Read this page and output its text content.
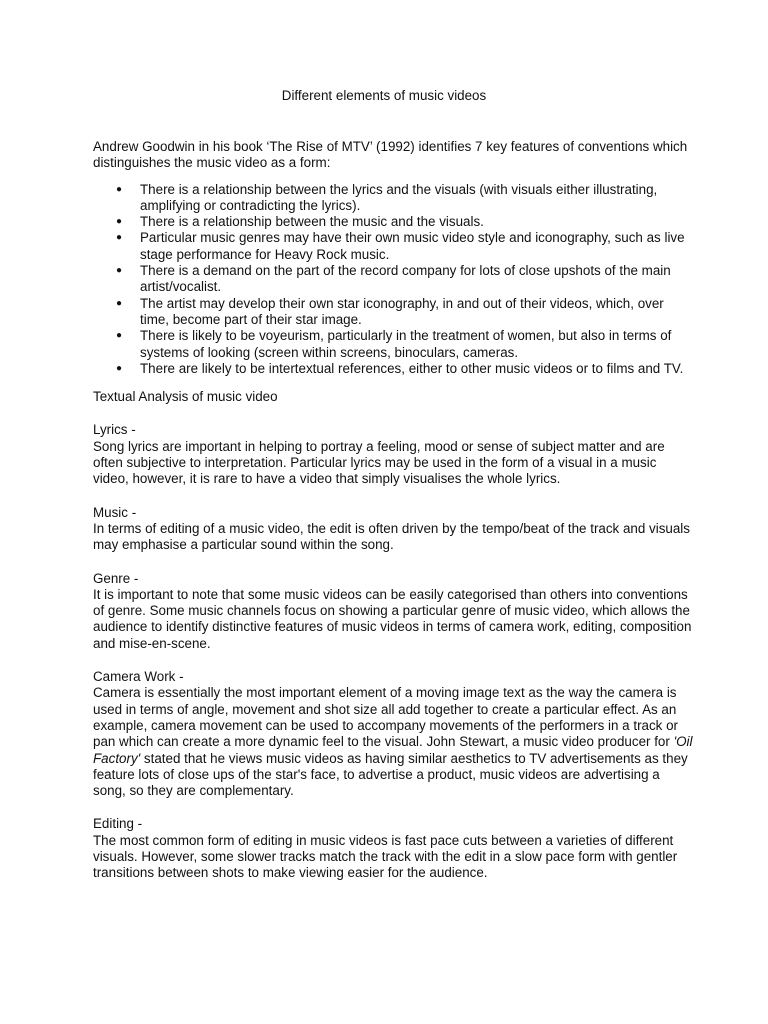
Different elements of music videos

Andrew Goodwin in his book ‘The Rise of MTV’ (1992) identifies 7 key features of conventions which distinguishes the music video as a form:

● There is a relationship between the lyrics and the visuals (with visuals either illustrating, amplifying or contradicting the lyrics).
● There is a relationship between the music and the visuals.
● Particular music genres may have their own music video style and iconography, such as live stage performance for Heavy Rock music.
● There is a demand on the part of the record company for lots of close upshots of the main artist/vocalist.
● The artist may develop their own star iconography, in and out of their videos, which, over time, become part of their star image.
● There is likely to be voyeurism, particularly in the treatment of women, but also in terms of systems of looking (screen within screens, binoculars, cameras.
● There are likely to be intertextual references, either to other music videos or to films and TV.

Textual Analysis of music video

Lyrics -

Song lyrics are important in helping to portray a feeling, mood or sense of subject matter and are often subjective to interpretation. Particular lyrics may be used in the form of a visual in a music video, however, it is rare to have a video that simply visualises the whole lyrics.

Music -

In terms of editing of a music video, the edit is often driven by the tempo/beat of the track and visuals may emphasise a particular sound within the song.

Genre -

It is important to note that some music videos can be easily categorised than others into conventions of genre. Some music channels focus on showing a particular genre of music video, which allows the audience to identify distinctive features of music videos in terms of camera work, editing, composition and mise-en-scene.

Camera Work -

Camera is essentially the most important element of a moving image text as the way the camera is used in terms of angle, movement and shot size all add together to create a particular effect. As an example, camera movement can be used to accompany movements of the performers in a track or pan which can create a more dynamic feel to the visual. John Stewart, a music video producer for 'Oil Factory' stated that he views music videos as having similar aesthetics to TV advertisements as they feature lots of close ups of the star's face, to advertise a product, music videos are advertising a song, so they are complementary.

Editing -

The most common form of editing in music videos is fast pace cuts between a varieties of different visuals. However, some slower tracks match the track with the edit in a slow pace form with gentler transitions between shots to make viewing easier for the audience.
